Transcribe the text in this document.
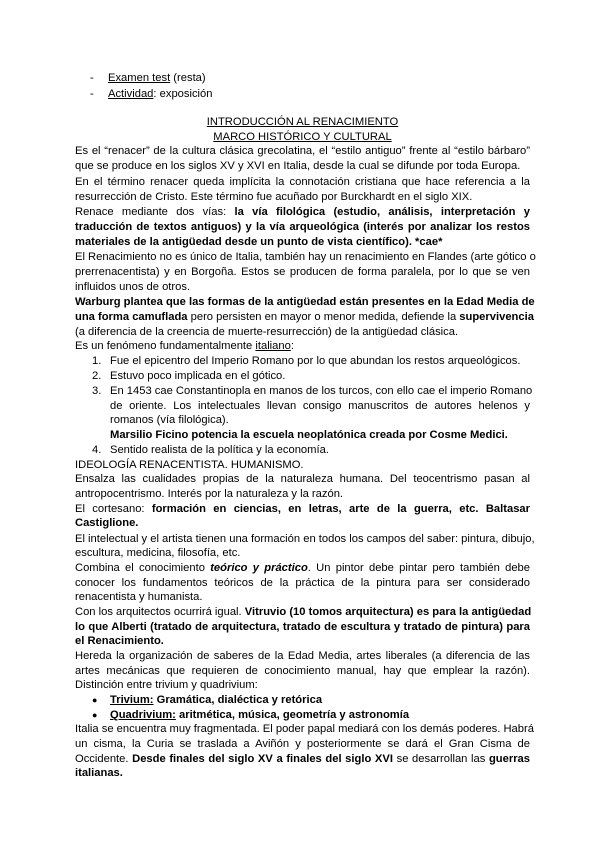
- Examen test (resta)
- Actividad: exposición
INTRODUCCIÓN AL RENACIMIENTO
MARCO HISTÓRICO Y CULTURAL
Es el “renacer” de la cultura clásica grecolatina, el “estilo antiguo” frente al “estilo bárbaro”
que se produce en los siglos XV y XVI en Italia, desde la cual se difunde por toda Europa.
En el término renacer queda implícita la connotación cristiana que hace referencia a la
resurrección de Cristo. Este término fue acuñado por Burckhardt en el siglo XIX.
Renace mediante dos vías: la vía filológica (estudio, análisis, interpretación y
traducción de textos antiguos) y la vía arqueológica (interés por analizar los restos
materiales de la antigüedad desde un punto de vista científico). *cae*
El Renacimiento no es único de Italia, también hay un renacimiento en Flandes (arte gótico o
prerrenacentista) y en Borgoña. Estos se producen de forma paralela, por lo que se ven
influidos unos de otros.
Warburg plantea que las formas de la antigüedad están presentes en la Edad Media de
una forma camuflada pero persisten en mayor o menor medida, defiende la supervivencia
(a diferencia de la creencia de muerte-resurrección) de la antigüedad clásica.
Es un fenómeno fundamentalmente italiano:
1. Fue el epicentro del Imperio Romano por lo que abundan los restos arqueológicos.
2. Estuvo poco implicada en el gótico.
3. En 1453 cae Constantinopla en manos de los turcos, con ello cae el imperio Romano
de oriente. Los intelectuales llevan consigo manuscritos de autores helenos y
romanos (vía filológica).
Marsilio Ficino potencia la escuela neoplatónica creada por Cosme Medici.
4. Sentido realista de la política y la economía.
IDEOLOGÍA RENACENTISTA. HUMANISMO.
Ensalza las cualidades propias de la naturaleza humana. Del teocentrismo pasan al
antropocentrismo. Interés por la naturaleza y la razón.
El cortesano: formación en ciencias, en letras, arte de la guerra, etc. Baltasar
Castiglione.
El intelectual y el artista tienen una formación en todos los campos del saber: pintura, dibujo,
escultura, medicina, filosofía, etc.
Combina el conocimiento teórico y práctico. Un pintor debe pintar pero también debe
conocer los fundamentos teóricos de la práctica de la pintura para ser considerado
renacentista y humanista.
Con los arquitectos ocurrirá igual. Vitruvio (10 tomos arquitectura) es para la antigüedad
lo que Alberti (tratado de arquitectura, tratado de escultura y tratado de pintura) para
el Renacimiento.
Hereda la organización de saberes de la Edad Media, artes liberales (a diferencia de las
artes mecánicas que requieren de conocimiento manual, hay que emplear la razón).
Distinción entre trivium y quadrivium:
● Trivium: Gramática, dialéctica y retórica
● Quadrivium: aritmética, música, geometría y astronomía
Italia se encuentra muy fragmentada. El poder papal mediará con los demás poderes. Habrá
un cisma, la Curia se traslada a Aviñón y posteriormente se dará el Gran Cisma de
Occidente. Desde finales del siglo XV a finales del siglo XVI se desarrollan las guerras
italianas.
